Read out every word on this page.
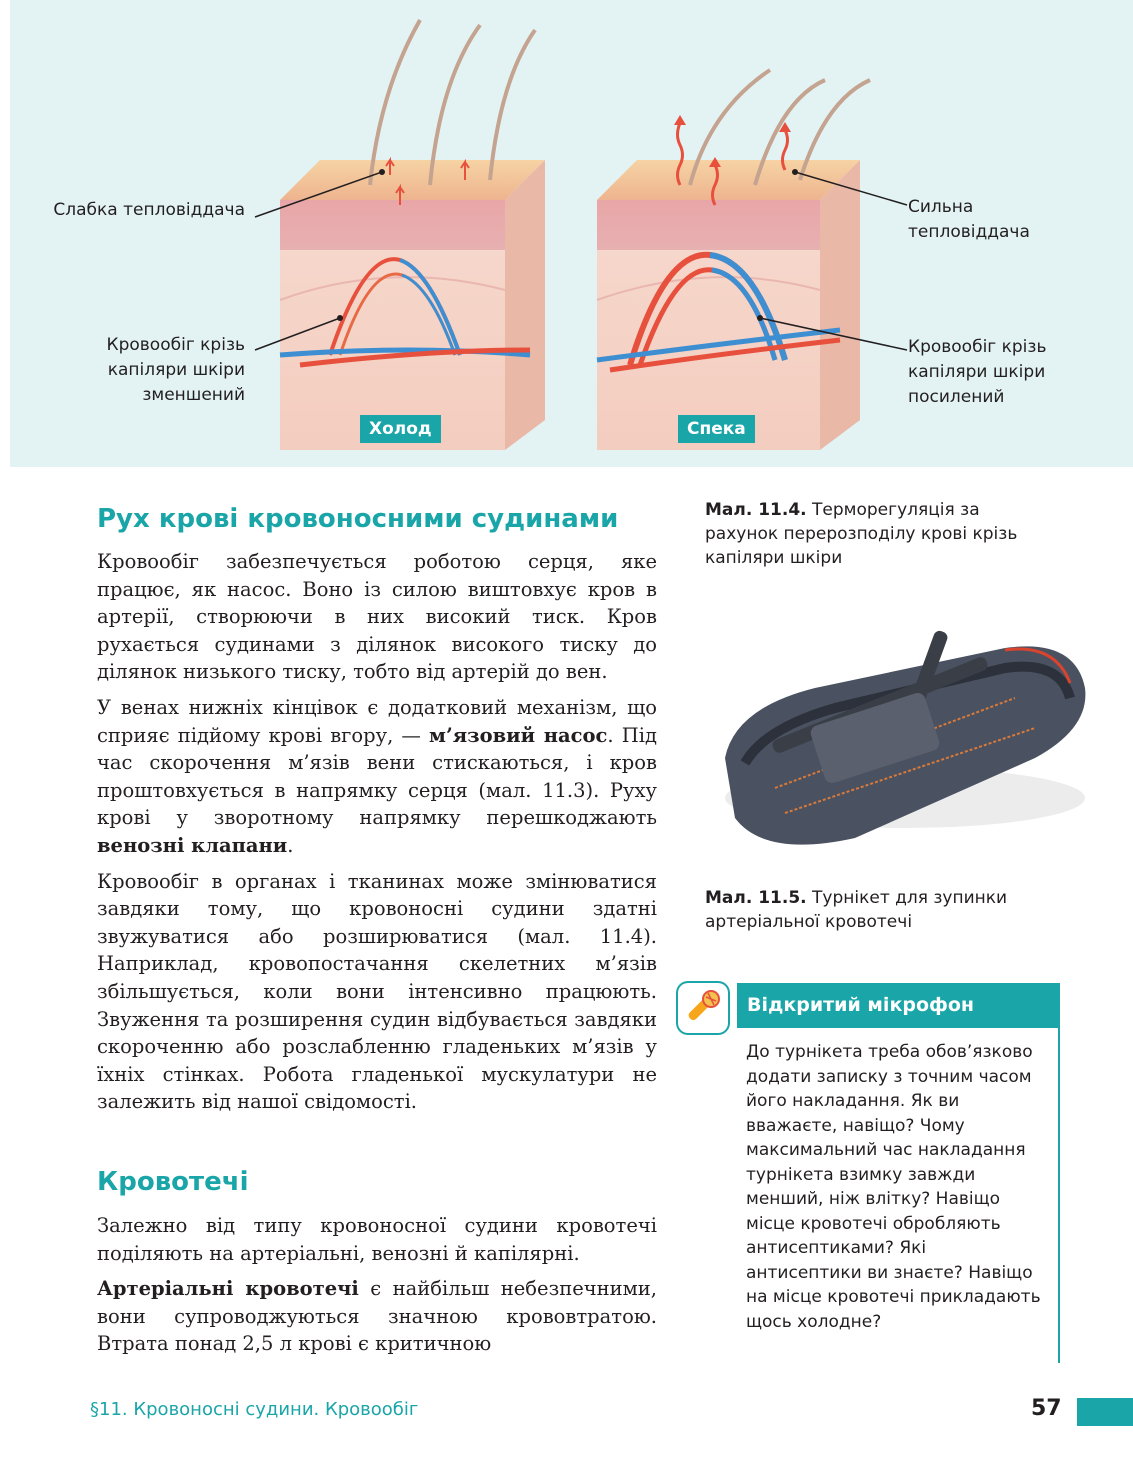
Слабка тепловіддача
Кровообіг крізь капіляри шкіри зменшений
Сильна тепловіддача
Кровообіг крізь капіляри шкіри посилений
Холод	Спека
Мал. 11.4. Терморегуляція за рахунок перерозподілу крові крізь капіляри шкіри
Мал. 11.5. Турнікет для зупинки артеріальної кровотечі
Рух крові кровоносними судинами

Кровообіг забезпечується роботою серця, яке працює, як насос. Воно із силою виштовхує кров в артерії, створюючи в них високий тиск. Кров рухається судинами з ділянок високого тиску до ділянок низького тиску, тобто від артерій до вен.

У венах нижніх кінцівок є додатковий механізм, що сприяє підйому крові вгору, — м’язовий насос. Під час скорочення м’язів вени стискаються, і кров проштовхується в напрямку серця (мал. 11.3). Руху крові у зворотному напрямку перешкоджають венозні клапани.

Кровообіг в органах і тканинах може змінюватися завдяки тому, що кровоносні судини здатні звужуватися або розширюватися (мал. 11.4). Наприклад, кровопостачання скелетних м’язів збільшується, коли вони інтенсивно працюють. Звуження та розширення судин відбувається завдяки скороченню або розслабленню гладеньких м’язів у їхніх стінках. Робота гладенької мускулатури не залежить від нашої свідомості.

Кровотечі

Залежно від типу кровоносної судини кровотечі поділяють на артеріальні, венозні й капілярні.

Артеріальні кровотечі є найбільш небезпечними, вони супроводжуються значною крововтратою. Втрата понад 2,5 л крові є критичною

Відкритий мікрофон
До турнікета треба обов’язково додати записку з точним часом його накладання. Як ви вважаєте, навіщо? Чому максимальний час накладання турнікета взимку завжди менший, ніж влітку? Навіщо місце кровотечі обробляють антисептиками? Які антисептики ви знаєте? Навіщо на місце кровотечі прикладають щось холодне?
§11. Кровоносні судини. Кровообіг	57
